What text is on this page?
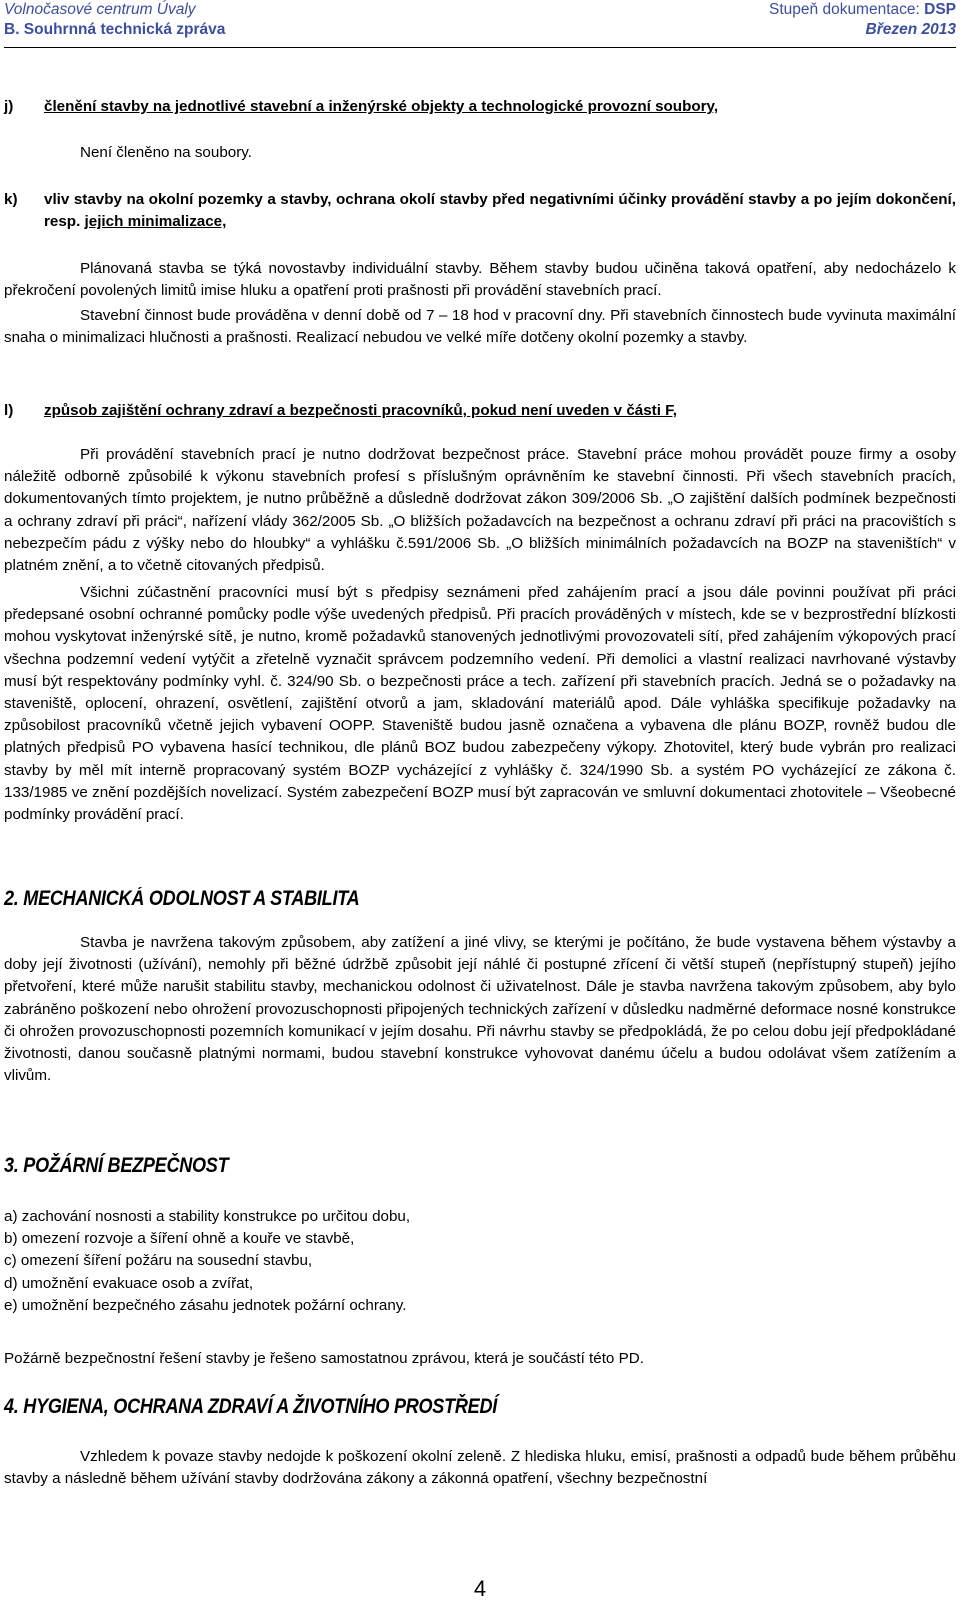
Volnočasové centrum Úvaly	Stupeň dokumentace: DSP
B. Souhrnná technická zpráva	Březen 2013
j)	členění stavby na jednotlivé stavební a inženýrské objekty a technologické provozní soubory,
Není členěno na soubory.
k)	vliv stavby na okolní pozemky a stavby, ochrana okolí stavby před negativními účinky provádění stavby a po jejím dokončení, resp. jejich minimalizace,
Plánovaná stavba se týká novostavby individuální stavby. Během stavby budou učiněna taková opatření, aby nedocházelo k překročení povolených limitů imise hluku a opatření proti prašnosti při provádění stavebních prací.
Stavební činnost bude prováděna v denní době od 7 – 18 hod v pracovní dny. Při stavebních činnostech bude vyvinuta maximální snaha o minimalizaci hlučnosti a prašnosti. Realizací nebudou ve velké míře dotčeny okolní pozemky a stavby.
l)	způsob zajištění ochrany zdraví a bezpečnosti pracovníků, pokud není uveden v části F,
Při provádění stavebních prací je nutno dodržovat bezpečnost práce. Stavební práce mohou provádět pouze firmy a osoby náležitě odborně způsobilé k výkonu stavebních profesí s příslušným oprávněním ke stavební činnosti. Při všech stavebních pracích, dokumentovaných tímto projektem, je nutno průběžně a důsledně dodržovat zákon 309/2006 Sb. „O zajištění dalších podmínek bezpečnosti a ochrany zdraví při práci“, nařízení vlády 362/2005 Sb. „O bližších požadavcích na bezpečnost a ochranu zdraví při práci na pracovištích s nebezpečím pádu z výšky nebo do hloubky“ a vyhlášku č.591/2006 Sb. „O bližších minimálních požadavcích na BOZP na staveništích“ v platném znění, a to včetně citovaných předpisů.
Všichni zúčastnění pracovníci musí být s předpisy seznámeni před zahájením prací a jsou dále povinni používat při práci předepsané osobní ochranné pomůcky podle výše uvedených předpisů. Při pracích prováděných v místech, kde se v bezprostřední blízkosti mohou vyskytovat inženýrské sítě, je nutno, kromě požadavků stanovených jednotlivými provozovateli sítí, před zahájením výkopových prací všechna podzemní vedení vytýčit a zřetelně vyznačit správcem podzemního vedení. Při demolici a vlastní realizaci navrhované výstavby musí být respektovány podmínky vyhl. č. 324/90 Sb. o bezpečnosti práce a tech. zařízení při stavebních pracích. Jedná se o požadavky na staveniště, oplocení, ohrazení, osvětlení, zajištění otvorů a jam, skladování materiálů apod. Dále vyhláška specifikuje požadavky na způsobilost pracovníků včetně jejich vybavení OOPP. Staveniště budou jasně označena a vybavena dle plánu BOZP, rovněž budou dle platných předpisů PO vybavena hasící technikou, dle plánů BOZ budou zabezpečeny výkopy. Zhotovitel, který bude vybrán pro realizaci stavby by měl mít interně propracovaný systém BOZP vycházející z vyhlášky č. 324/1990 Sb. a systém PO vycházející ze zákona č. 133/1985 ve znění pozdějších novelizací. Systém zabezpečení BOZP musí být zapracován ve smluvní dokumentaci zhotovitele – Všeobecné podmínky provádění prací.
2. MECHANICKÁ ODOLNOST A STABILITA
Stavba je navržena takovým způsobem, aby zatížení a jiné vlivy, se kterými je počítáno, že bude vystavena během výstavby a doby její životnosti (užívání), nemohly při běžné údržbě způsobit její náhlé či postupné zřícení či větší stupeň (nepřístupný stupeň) jejího přetvoření, které může narušit stabilitu stavby, mechanickou odolnost či uživatelnost. Dále je stavba navržena takovým způsobem, aby bylo zabráněno poškození nebo ohrožení provozuschopnosti připojených technických zařízení v důsledku nadměrné deformace nosné konstrukce či ohrožen provozuschopnosti pozemních komunikací v jejím dosahu. Při návrhu stavby se předpokládá, že po celou dobu její předpokládané životnosti, danou současně platnými normami, budou stavební konstrukce vyhovovat danému účelu a budou odolávat všem zatížením a vlivům.
3. POŽÁRNÍ BEZPEČNOST
a) zachování nosnosti a stability konstrukce po určitou dobu,
b) omezení rozvoje a šíření ohně a kouře ve stavbě,
c) omezení šíření požáru na sousední stavbu,
d) umožnění evakuace osob a zvířat,
e) umožnění bezpečného zásahu jednotek požární ochrany.
Požárně bezpečnostní řešení stavby je řešeno samostatnou zprávou, která je součástí této PD.
4. HYGIENA, OCHRANA ZDRAVÍ A ŽIVOTNÍHO PROSTŘEDÍ
Vzhledem k povaze stavby nedojde k poškození okolní zeleně. Z hlediska hluku, emisí, prašnosti a odpadů bude během průběhu stavby a následně během užívání stavby dodržována zákony a zákonná opatření, všechny bezpečnostní
4
